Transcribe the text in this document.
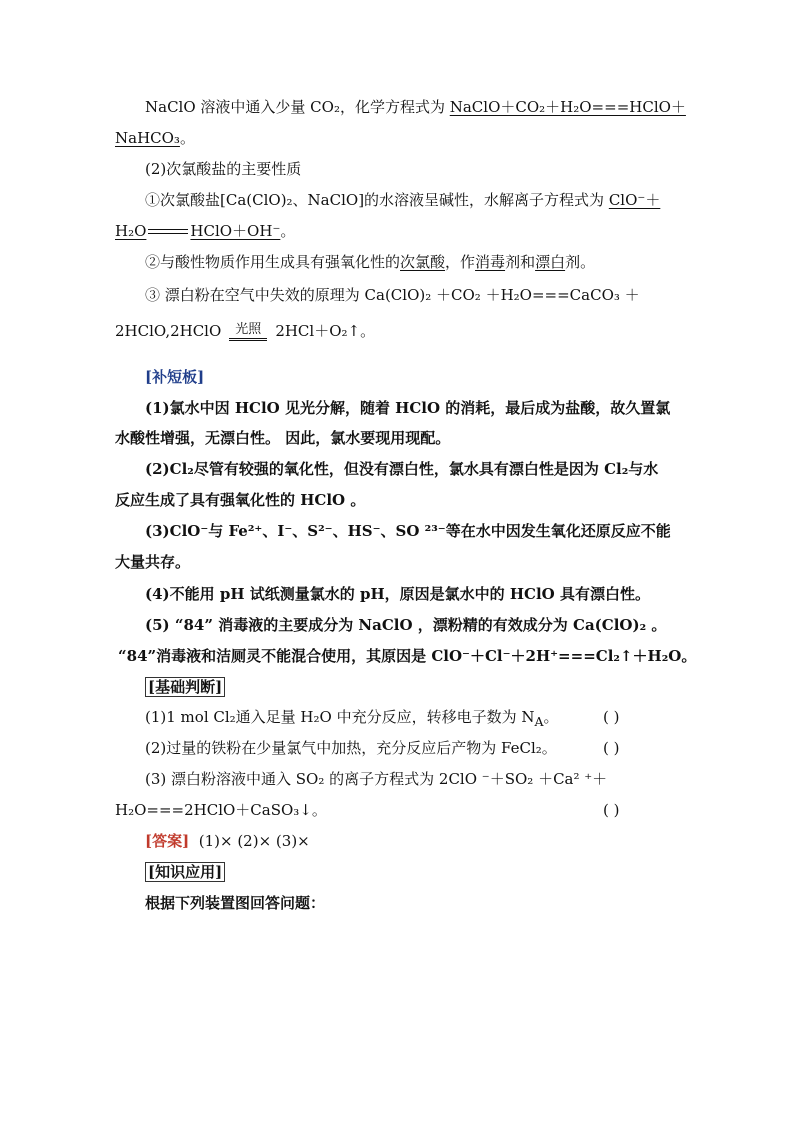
NaClO 溶液中通入少量 CO₂，化学方程式为 NaClO＋CO₂＋H₂O===HClO＋
NaHCO₃。
(2)次氯酸盐的主要性质
①次氯酸盐[Ca(ClO)₂、NaClO]的水溶液呈碱性，水解离子方程式为 ClO⁻＋
H₂O	HClO＋OH⁻。
②与酸性物质作用生成具有强氧化性的次氯酸，作消毒剂和漂白剂。
③ 漂白粉在空气中失效的原理为 Ca(ClO)₂ ＋CO₂ ＋H₂O===CaCO₃ ＋
2HClO,2HClO	光照 2HCl＋O₂↑。
[补短板]
(1)氯水中因 HClO 见光分解，随着 HClO 的消耗，最后成为盐酸，故久置氯
水酸性增强，无漂白性。 因此，氯水要现用现配。
(2)Cl₂尽管有较强的氧化性，但没有漂白性，氯水具有漂白性是因为 Cl₂与水
反应生成了具有强氧化性的 HClO 。
(3)ClO⁻与 Fe²⁺、I⁻、S²⁻、HS⁻、SO ²³⁻等在水中因发生氧化还原反应不能
大量共存。
(4)不能用 pH 试纸测量氯水的 pH，原因是氯水中的 HClO 具有漂白性。
(5) “84” 消毒液的主要成分为 NaClO ，漂粉精的有效成分为 Ca(ClO)₂ 。
“84”消毒液和洁厕灵不能混合使用，其原因是 ClO⁻＋Cl⁻＋2H⁺===Cl₂↑＋H₂O。
[基础判断]
(1)1 mol Cl₂通入足量 H₂O 中充分反应，转移电子数为 $N_A$。	( )
(2)过量的铁粉在少量氯气中加热，充分反应后产物为 FeCl₂。	( )
(3) 漂白粉溶液中通入 SO₂ 的离子方程式为 2ClO ⁻＋SO₂ ＋Ca² ⁺＋
H₂O===2HClO＋CaSO₃↓。	( )
[答案] (1)× (2)× (3)×
[知识应用]
根据下列装置图回答问题：
